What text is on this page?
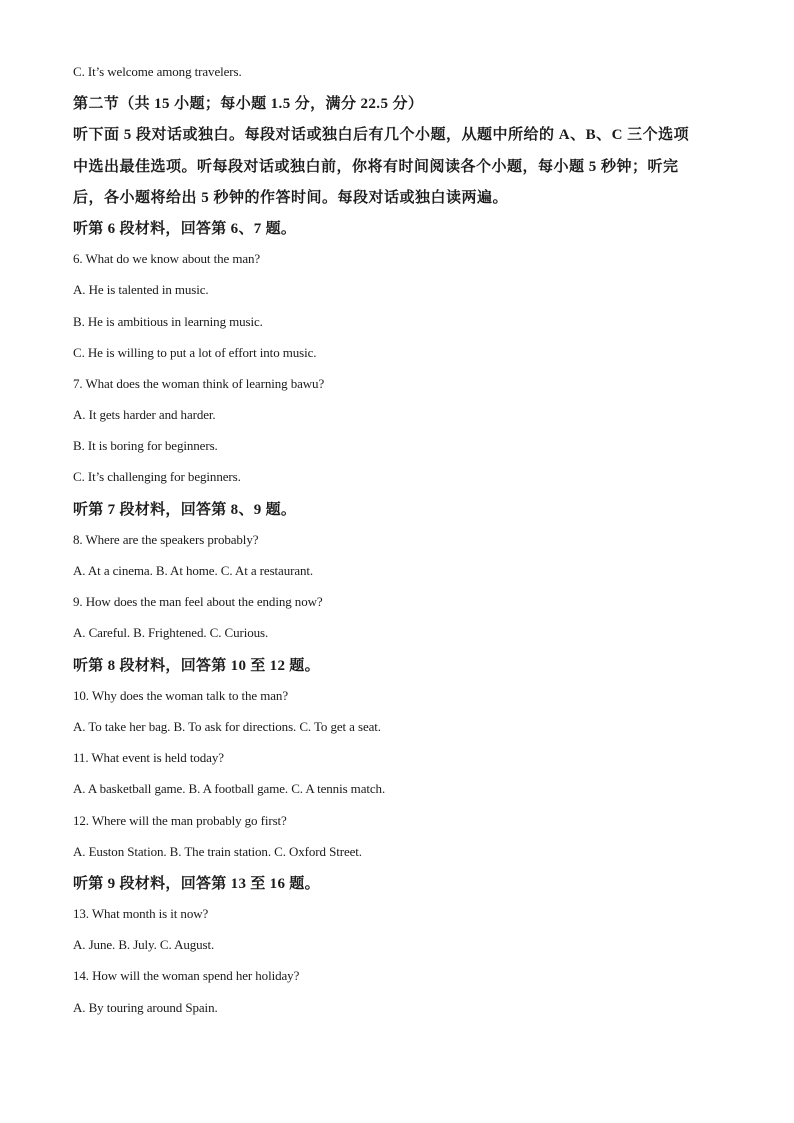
C. It’s welcome among travelers.
第二节（共 15 小题；每小题 1.5 分，满分 22.5 分）
听下面 5 段对话或独白。每段对话或独白后有几个小题，从题中所给的 A、B、C 三个选项
中选出最佳选项。听每段对话或独白前，你将有时间阅读各个小题，每小题 5 秒钟；听完
后，各小题将给出 5 秒钟的作答时间。每段对话或独白读两遍。
听第 6 段材料，回答第 6、7 题。
6. What do we know about the man?
A. He is talented in music.
B. He is ambitious in learning music.
C. He is willing to put a lot of effort into music.
7. What does the woman think of learning bawu?
A. It gets harder and harder.
B. It is boring for beginners.
C. It’s challenging for beginners.
听第 7 段材料，回答第 8、9 题。
8. Where are the speakers probably?
A. At a cinema. B. At home. C. At a restaurant.
9. How does the man feel about the ending now?
A. Careful. B. Frightened. C. Curious.
听第 8 段材料，回答第 10 至 12 题。
10. Why does the woman talk to the man?
A. To take her bag. B. To ask for directions. C. To get a seat.
11. What event is held today?
A. A basketball game. B. A football game. C. A tennis match.
12. Where will the man probably go first?
A. Euston Station. B. The train station. C. Oxford Street.
听第 9 段材料，回答第 13 至 16 题。
13. What month is it now?
A. June. B. July. C. August.
14. How will the woman spend her holiday?
A. By touring around Spain.
